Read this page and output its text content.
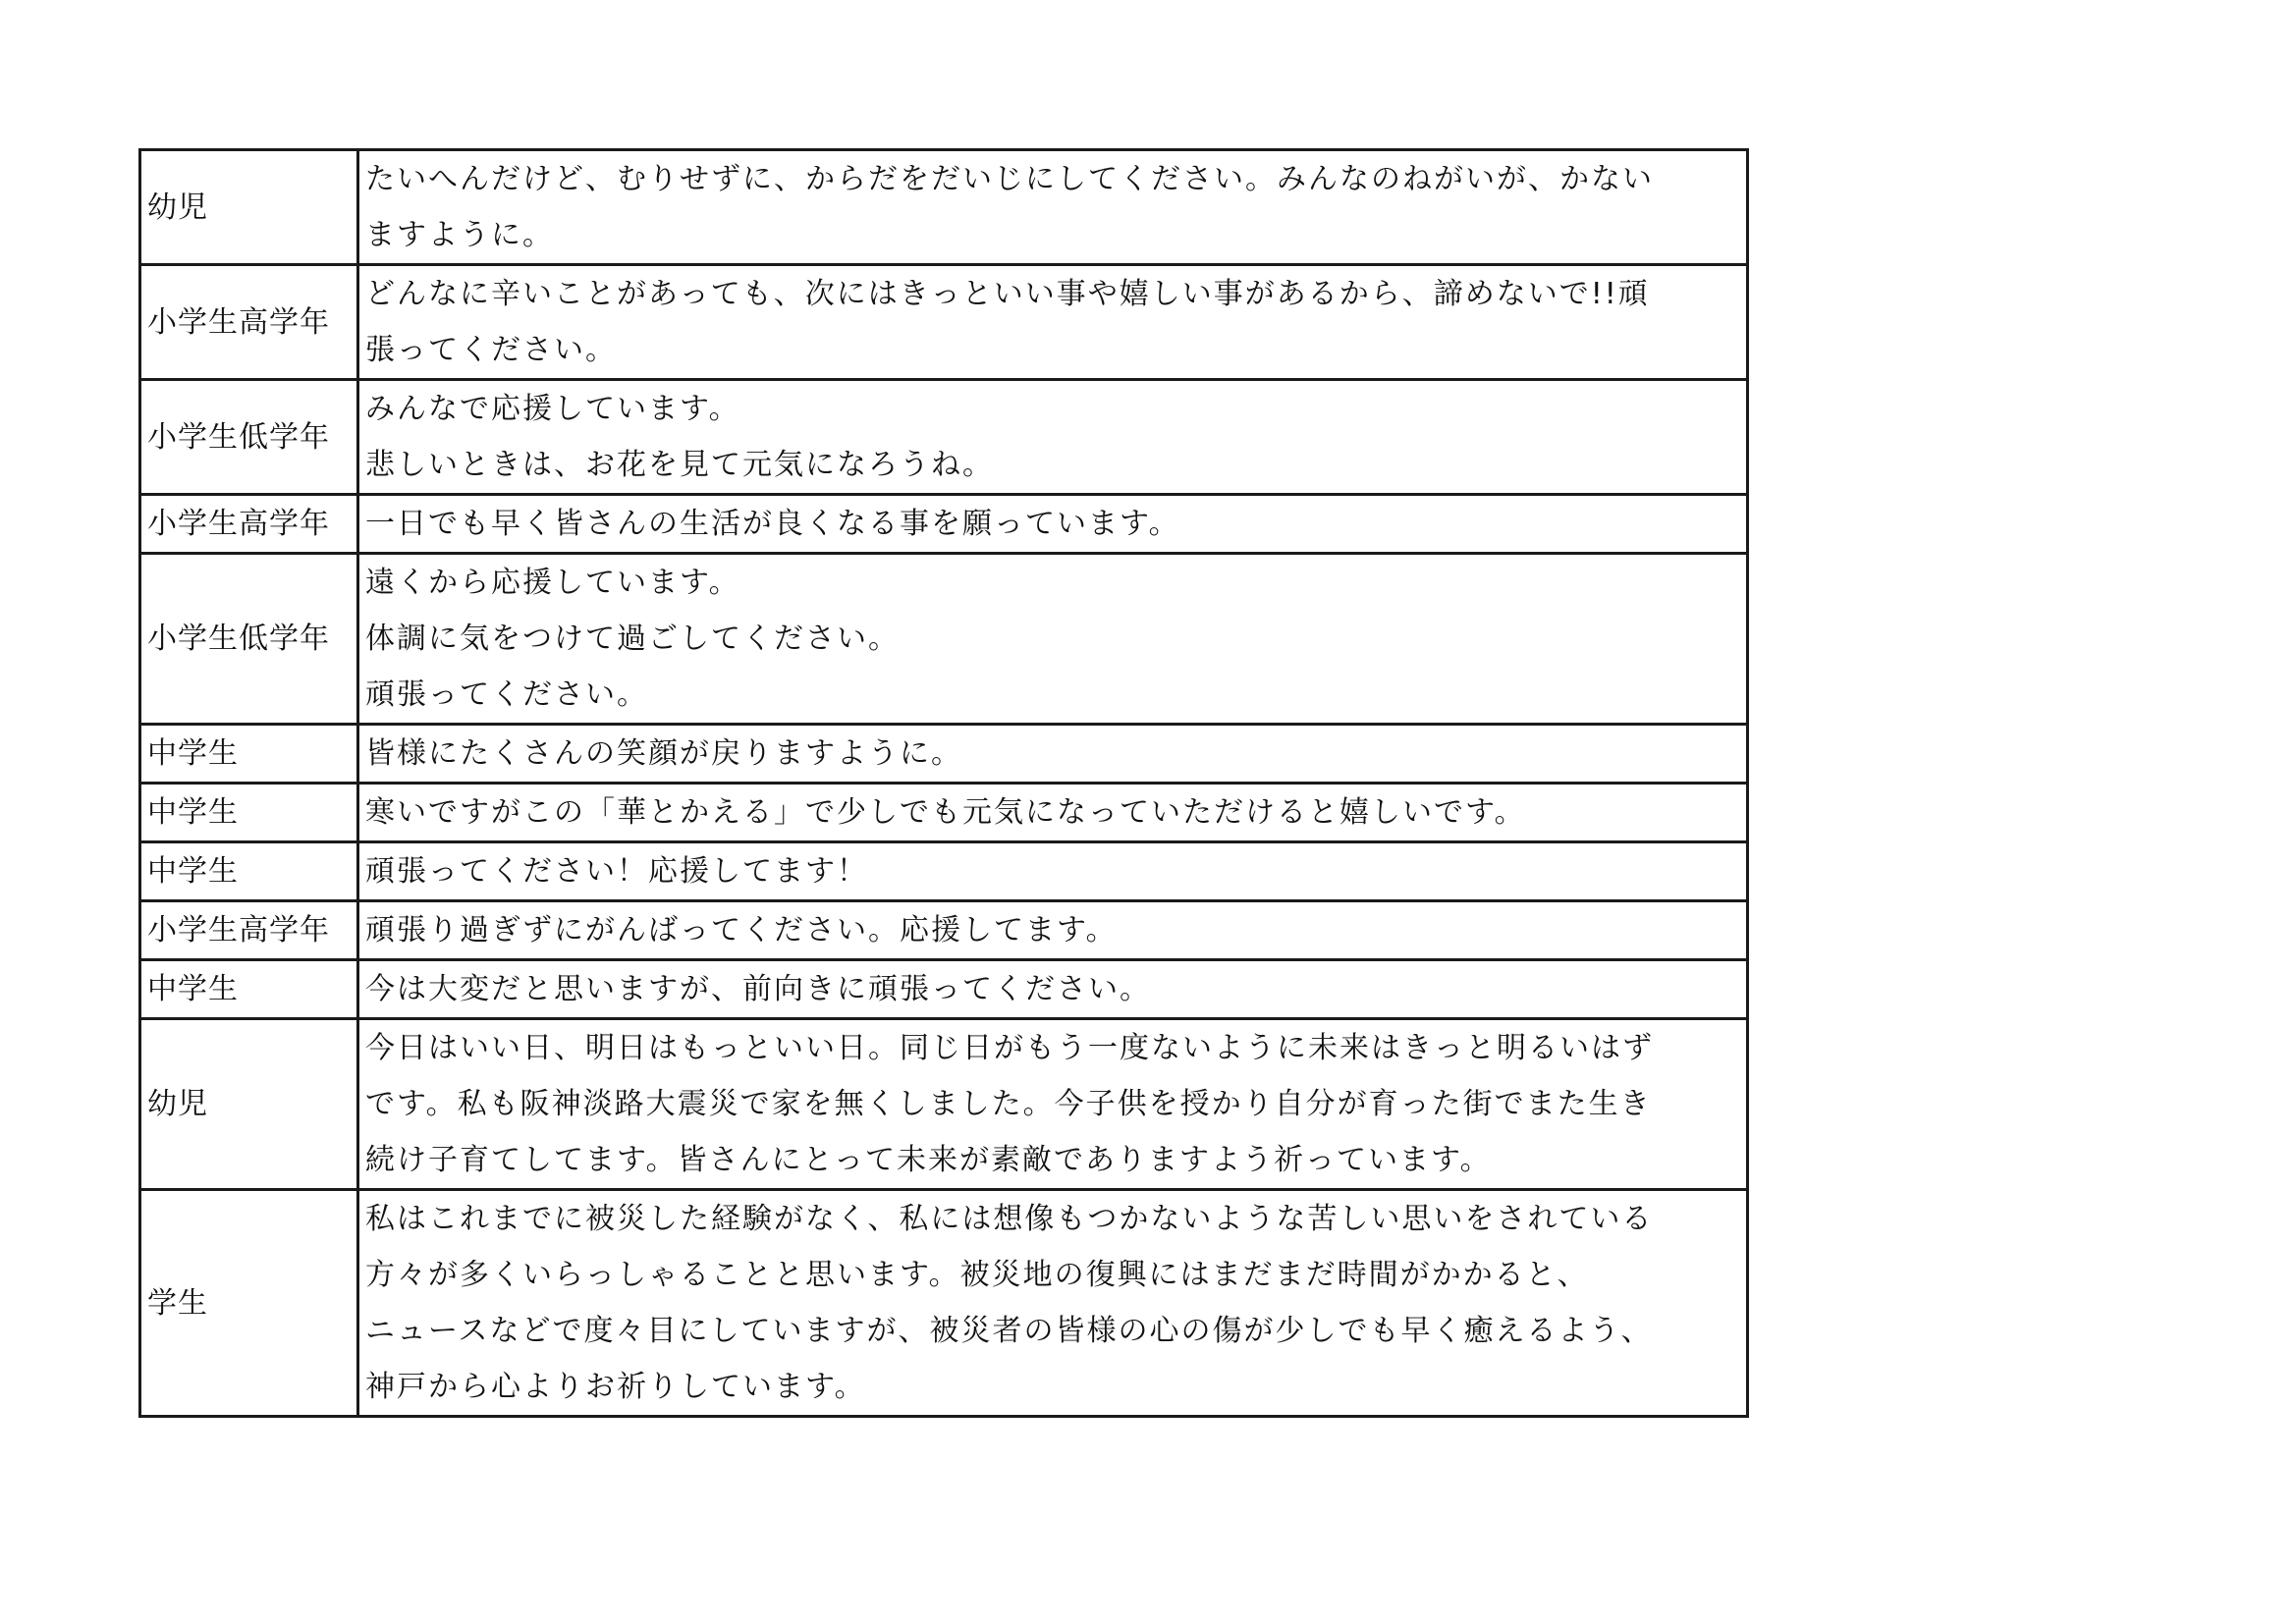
幼児	たいへんだけど、むりせずに、からだをだいじにしてください。みんなのねがいが、かない
ますように。

小学生高学年	どんなに辛いことがあっても、次にはきっといい事や嬉しい事があるから、諦めないで!!頑
張ってください。

小学生低学年	みんなで応援しています。
悲しいときは、お花を見て元気になろうね。

小学生高学年	一日でも早く皆さんの生活が良くなる事を願っています。

小学生低学年	遠くから応援しています。
体調に気をつけて過ごしてください。
頑張ってください。

中学生	皆様にたくさんの笑顔が戻りますように。

中学生	寒いですがこの「華とかえる」で少しでも元気になっていただけると嬉しいです。

中学生	頑張ってください！応援してます！

小学生高学年	頑張り過ぎずにがんばってください。応援してます。

中学生	今は大変だと思いますが、前向きに頑張ってください。

幼児	今日はいい日、明日はもっといい日。同じ日がもう一度ないように未来はきっと明るいはず
です。私も阪神淡路大震災で家を無くしました。今子供を授かり自分が育った街でまた生き
続け子育てしてます。皆さんにとって未来が素敵でありますよう祈っています。

学生	私はこれまでに被災した経験がなく、私には想像もつかないような苦しい思いをされている
方々が多くいらっしゃることと思います。被災地の復興にはまだまだ時間がかかると、
ニュースなどで度々目にしていますが、被災者の皆様の心の傷が少しでも早く癒えるよう、
神戸から心よりお祈りしています。
